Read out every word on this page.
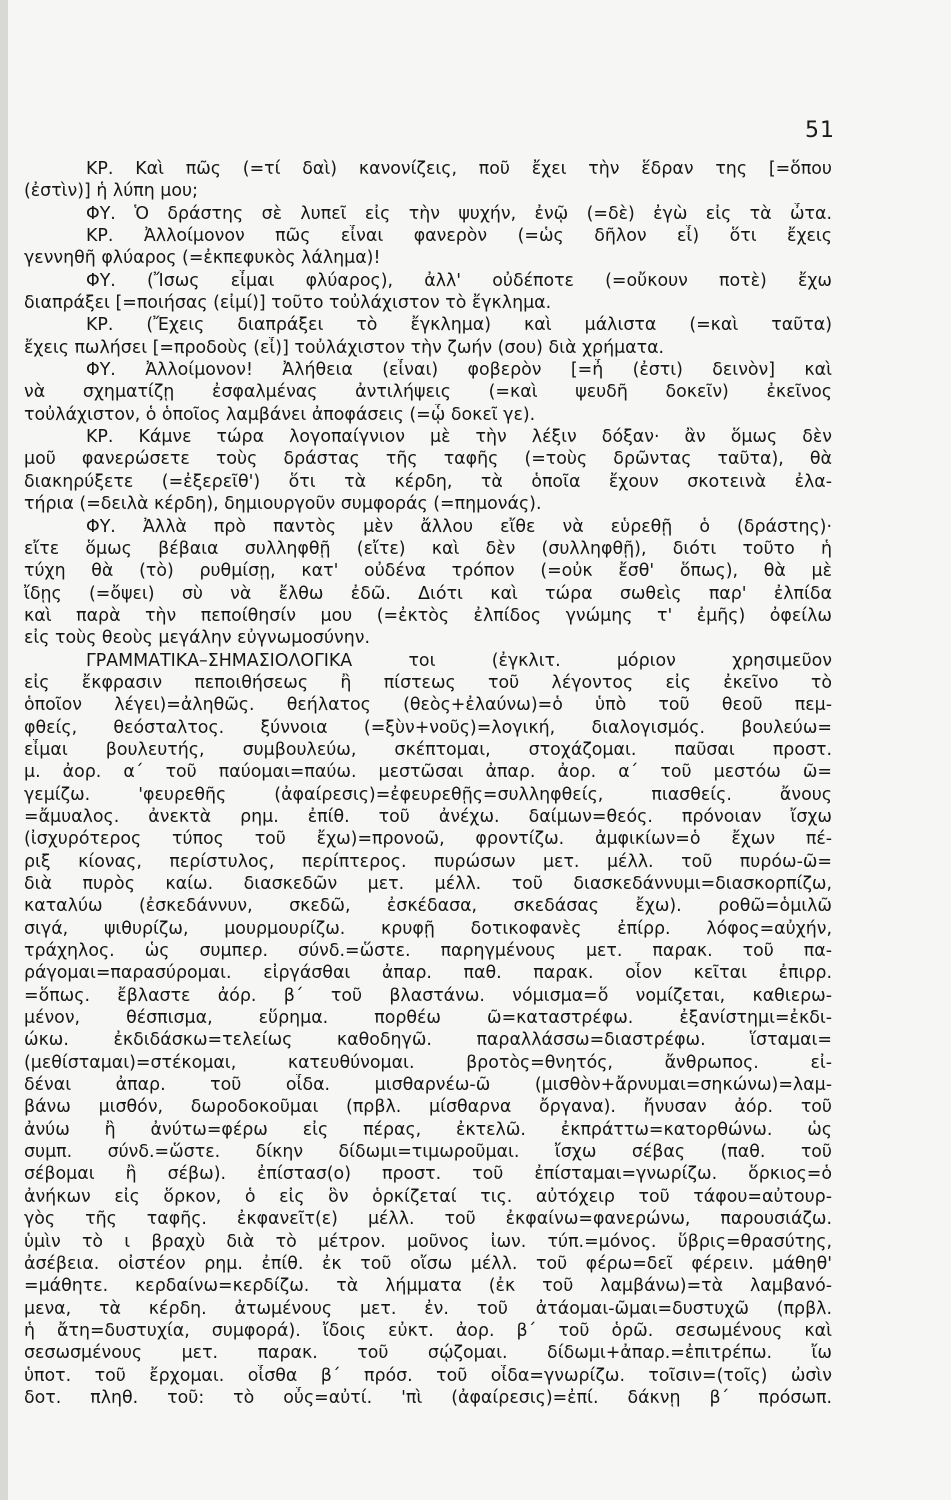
51
ΚΡ. Καὶ πῶς (=τί δαὶ) κανονίζεις, ποῦ ἔχει τὴν ἕδραν της [=ὅπου
(ἐστὶν)] ἡ λύπη μου;
ΦΥ. Ὁ δράστης σὲ λυπεῖ εἰς τὴν ψυχήν, ἐνῷ (=δὲ) ἐγὼ εἰς τὰ ὦτα.
ΚΡ. Ἀλλοίμονον πῶς εἶναι φανερὸν (=ὡς δῆλον εἶ) ὅτι ἔχεις
γεννηθῆ φλύαρος (=ἐκπεφυκὸς λάλημα)!
ΦΥ. (Ἴσως εἶμαι φλύαρος), ἀλλ' οὐδέποτε (=οὔκουν ποτὲ) ἔχω
διαπράξει [=ποιήσας (εἰμί)] τοῦτο τοὐλάχιστον τὸ ἔγκλημα.
ΚΡ. (Ἔχεις διαπράξει τὸ ἔγκλημα) καὶ μάλιστα (=καὶ ταῦτα)
ἔχεις πωλήσει [=προδοὺς (εἶ)] τοὐλάχιστον τὴν ζωήν (σου) διὰ χρήματα.
ΦΥ. Ἀλλοίμονον! Ἀλήθεια (εἶναι) φοβερὸν [=ἦ (ἐστι) δεινὸν] καὶ
νὰ σχηματίζῃ ἐσφαλμένας ἀντιλήψεις (=καὶ ψευδῆ δοκεῖν) ἐκεῖνος
τοὐλάχιστον, ὁ ὁποῖος λαμβάνει ἀποφάσεις (=ᾧ δοκεῖ γε).
ΚΡ. Κάμνε τώρα λογοπαίγνιον μὲ τὴν λέξιν δόξαν· ἂν ὅμως δὲν
μοῦ φανερώσετε τοὺς δράστας τῆς ταφῆς (=τοὺς δρῶντας ταῦτα), θὰ
διακηρύξετε (=ἐξερεῖθ') ὅτι τὰ κέρδη, τὰ ὁποῖα ἔχουν σκοτεινὰ ἐλα-
τήρια (=δειλὰ κέρδη), δημιουργοῦν συμφοράς (=πημονάς).
ΦΥ. Ἀλλὰ πρὸ παντὸς μὲν ἄλλου εἴθε νὰ εὑρεθῇ ὁ (δράστης)·
εἴτε ὅμως βέβαια συλληφθῇ (εἴτε) καὶ δὲν (συλληφθῇ), διότι τοῦτο ἡ
τύχη θὰ (τὸ) ρυθμίσῃ, κατ' οὐδένα τρόπον (=οὐκ ἔσθ' ὅπως), θὰ μὲ
ἴδῃς (=ὄψει) σὺ νὰ ἔλθω ἐδῶ. Διότι καὶ τώρα σωθεὶς παρ' ἐλπίδα
καὶ παρὰ τὴν πεποίθησίν μου (=ἐκτὸς ἐλπίδος γνώμης τ' ἐμῆς) ὀφείλω
εἰς τοὺς θεοὺς μεγάλην εὐγνωμοσύνην.
ΓΡΑΜΜΑΤΙΚΑ–ΣΗΜΑΣΙΟΛΟΓΙΚΑ τοι (ἐγκλιτ. μόριον χρησιμεῦον
εἰς ἔκφρασιν πεποιθήσεως ἢ πίστεως τοῦ λέγοντος εἰς ἐκεῖνο τὸ
ὁποῖον λέγει)=ἀληθῶς. θεήλατος (θεὸς+ἐλαύνω)=ὁ ὑπὸ τοῦ θεοῦ πεμ-
φθείς, θεόσταλτος. ξύννοια (=ξὺν+νοῦς)=λογική, διαλογισμός. βουλεύω=
εἶμαι βουλευτής, συμβουλεύω, σκέπτομαι, στοχάζομαι. παῦσαι προστ.
μ. ἀορ. α΄ τοῦ παύομαι=παύω. μεστῶσαι ἀπαρ. ἀορ. α΄ τοῦ μεστόω ῶ=
γεμίζω. 'φευρεθῆς (ἀφαίρεσις)=ἐφευρεθῇς=συλληφθείς, πιασθείς. ἄνους
=ἄμυαλος. ἀνεκτὰ ρημ. ἐπίθ. τοῦ ἀνέχω. δαίμων=θεός. πρόνοιαν ἴσχω
(ἰσχυρότερος τύπος τοῦ ἔχω)=προνοῶ, φροντίζω. ἀμφικίων=ὁ ἔχων πέ-
ριξ κίονας, περίστυλος, περίπτερος. πυρώσων μετ. μέλλ. τοῦ πυρόω-ῶ=
διὰ πυρὸς καίω. διασκεδῶν μετ. μέλλ. τοῦ διασκεδάννυμι=διασκορπίζω,
καταλύω (ἐσκεδάννυν, σκεδῶ, ἐσκέδασα, σκεδάσας ἔχω). ροθῶ=ὁμιλῶ
σιγά, ψιθυρίζω, μουρμουρίζω. κρυφῇ δοτικοφανὲς ἐπίρρ. λόφος=αὐχήν,
τράχηλος. ὡς συμπερ. σύνδ.=ὥστε. παρηγμένους μετ. παρακ. τοῦ πα-
ράγομαι=παρασύρομαι. εἰργάσθαι ἀπαρ. παθ. παρακ. οἷον κεῖται ἐπιρρ.
=ὅπως. ἔβλαστε ἀόρ. β΄ τοῦ βλαστάνω. νόμισμα=ὅ νομίζεται, καθιερω-
μένον, θέσπισμα, εὕρημα. πορθέω ῶ=καταστρέφω. ἐξανίστημι=ἐκδι-
ώκω. ἐκδιδάσκω=τελείως καθοδηγῶ. παραλλάσσω=διαστρέφω. ἵσταμαι=
(μεθίσταμαι)=στέκομαι, κατευθύνομαι. βροτὸς=θνητός, ἄνθρωπος. εἰ-
δέναι ἀπαρ. τοῦ οἶδα. μισθαρνέω-ῶ (μισθὸν+ἄρνυμαι=σηκώνω)=λαμ-
βάνω μισθόν, δωροδοκοῦμαι (πρβλ. μίσθαρνα ὄργανα). ἤνυσαν ἀόρ. τοῦ
ἀνύω ἢ ἀνύτω=φέρω εἰς πέρας, ἐκτελῶ. ἐκπράττω=κατορθώνω. ὡς
συμπ. σύνδ.=ὥστε. δίκην δίδωμι=τιμωροῦμαι. ἴσχω σέβας (παθ. τοῦ
σέβομαι ἢ σέβω). ἐπίστασ(ο) προστ. τοῦ ἐπίσταμαι=γνωρίζω. ὅρκιος=ὁ
ἀνήκων εἰς ὅρκον, ὁ εἰς ὃν ὁρκίζεταί τις. αὐτόχειρ τοῦ τάφου=αὐτουρ-
γὸς τῆς ταφῆς. ἐκφανεῖτ(ε) μέλλ. τοῦ ἐκφαίνω=φανερώνω, παρουσιάζω.
ὑμὶν τὸ ι βραχὺ διὰ τὸ μέτρον. μοῦνος ἰων. τύπ.=μόνος. ὕβρις=θρασύτης,
ἀσέβεια. οἰστέον ρημ. ἐπίθ. ἐκ τοῦ οἴσω μέλλ. τοῦ φέρω=δεῖ φέρειν. μάθηθ'
=μάθητε. κερδαίνω=κερδίζω. τὰ λήμματα (ἐκ τοῦ λαμβάνω)=τὰ λαμβανό-
μενα, τὰ κέρδη. ἀτωμένους μετ. ἐν. τοῦ ἀτάομαι-ῶμαι=δυστυχῶ (πρβλ.
ἡ ἄτη=δυστυχία, συμφορά). ἴδοις εὐκτ. ἀορ. β΄ τοῦ ὁρῶ. σεσωμένους καὶ
σεσωσμένους μετ. παρακ. τοῦ σῴζομαι. δίδωμι+ἀπαρ.=ἐπιτρέπω. ἴω
ὑποτ. τοῦ ἔρχομαι. οἶσθα β΄ πρόσ. τοῦ οἶδα=γνωρίζω. τοῖσιν=(τοῖς) ὠσὶν
δοτ. πληθ. τοῦ: τὸ οὖς=αὐτί. 'πὶ (ἀφαίρεσις)=ἐπί. δάκνῃ β΄ πρόσωπ.
